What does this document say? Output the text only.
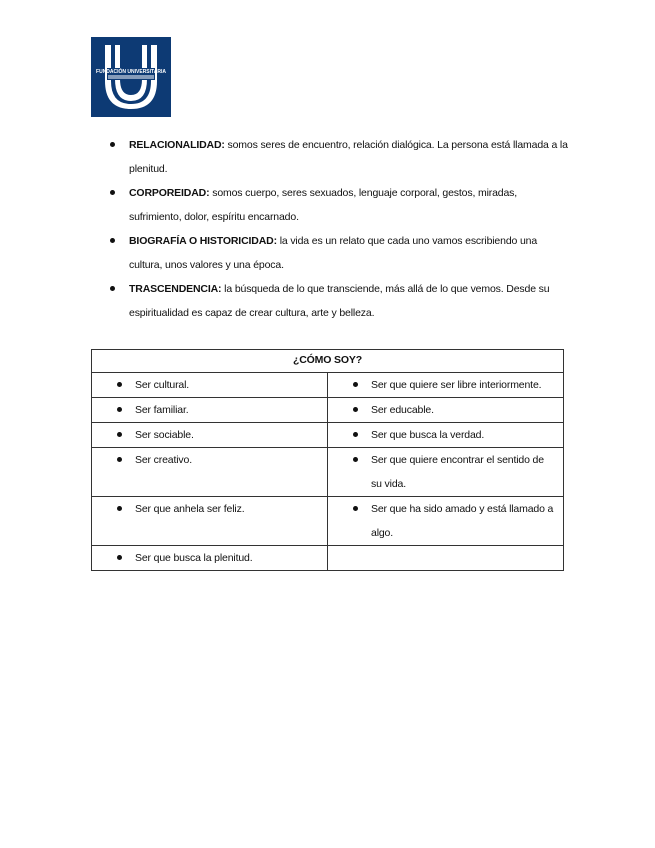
FUNDACIÓN UNIVERSITARIA
RELACIONALIDAD: somos seres de encuentro, relación dialógica. La persona está llamada a la plenitud.
CORPOREIDAD: somos cuerpo, seres sexuados, lenguaje corporal, gestos, miradas, sufrimiento, dolor, espíritu encarnado.
BIOGRAFÍA O HISTORICIDAD: la vida es un relato que cada uno vamos escribiendo una cultura, unos valores y una época.
TRASCENDENCIA: la búsqueda de lo que transciende, más allá de lo que vemos. Desde su espiritualidad es capaz de crear cultura, arte y belleza.
¿CÓMO SOY?	

Ser cultural.	Ser que quiere ser libre interiormente.

Ser familiar.	Ser educable.

Ser sociable.	Ser que busca la verdad.

Ser creativo.	Ser que quiere encontrar el sentido de su vida.

Ser que anhela ser feliz.	Ser que ha sido amado y está llamado a algo.

Ser que busca la plenitud.	
